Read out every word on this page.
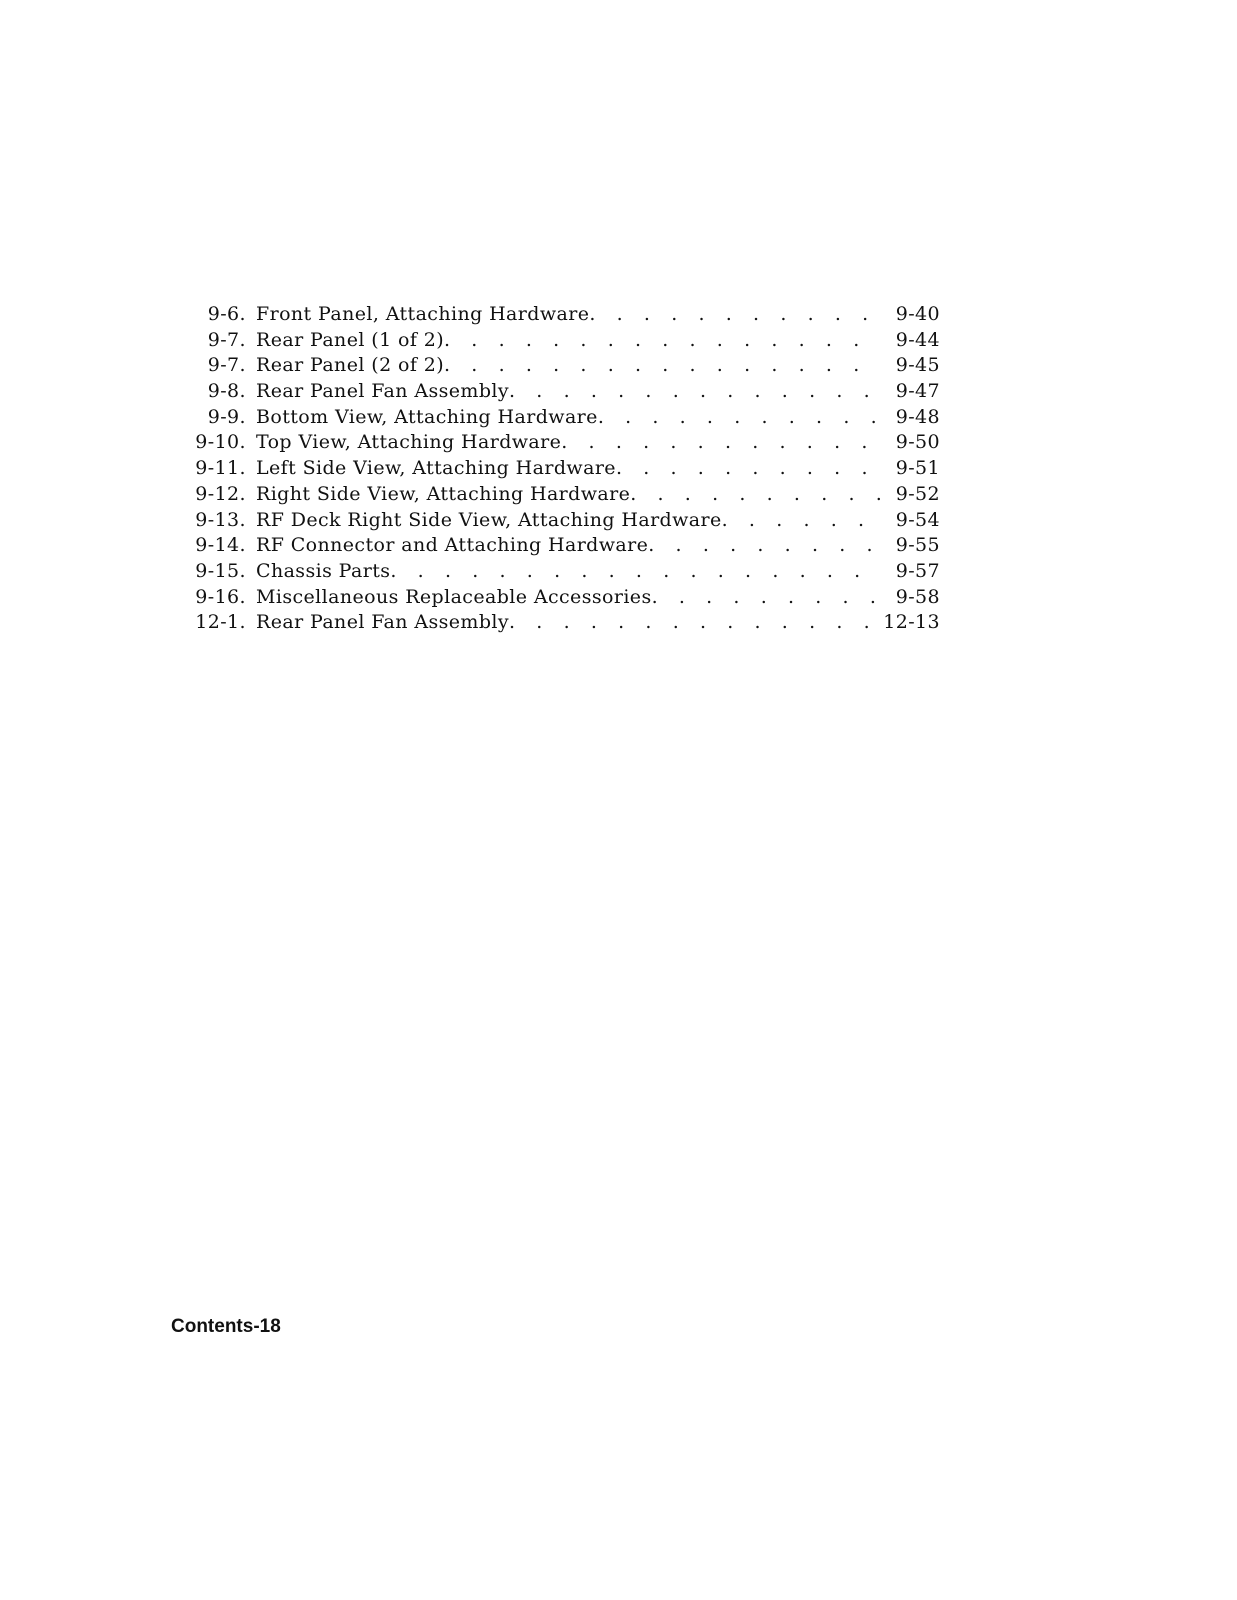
9-6. Front Panel, Attaching Hardware . . .	9-40
9-7. Rear Panel (1 of 2) . . .	9-44
9-7. Rear Panel (2 of 2) . . .	9-45
9-8. Rear Panel Fan Assembly . . .	9-47
9-9. Bottom View, Attaching Hardware . . .	9-48
9-10. Top View, Attaching Hardware . . .	9-50
9-11. Left Side View, Attaching Hardware . . .	9-51
9-12. Right Side View, Attaching Hardware . . .	9-52
9-13. RF Deck Right Side View, Attaching Hardware . . .	9-54
9-14. RF Connector and Attaching Hardware . . .	9-55
9-15. Chassis Parts . . .	9-57
9-16. Miscellaneous Replaceable Accessories . . .	9-58
12-1. Rear Panel Fan Assembly . . .	12-13
Contents-18
